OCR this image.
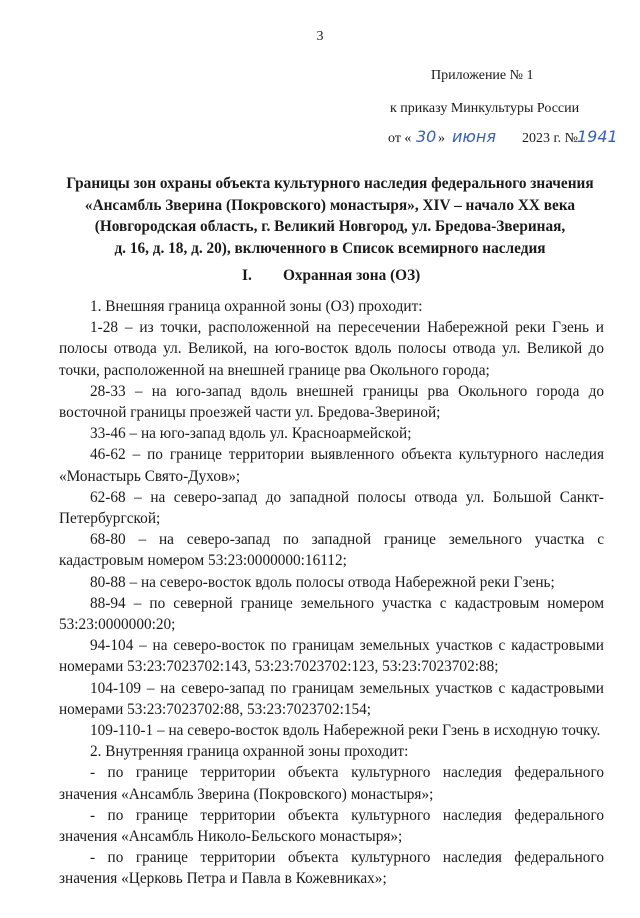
3
Приложение № 1
к приказу Минкультуры России
от « 30 » июня 2023 г. №
1941
Границы зон охраны объекта культурного наследия федерального значения
«Ансамбль Зверина (Покровского) монастыря», XIV – начало XX века
(Новгородская область, г. Великий Новгород, ул. Бредова-Звериная,
д. 16, д. 18, д. 20), включенного в Список всемирного наследия
I. Охранная зона (ОЗ)

1. Внешняя граница охранной зоны (ОЗ) проходит:

1-28 – из точки, расположенной на пересечении Набережной реки Гзень и полосы отвода ул. Великой, на юго-восток вдоль полосы отвода ул. Великой до точки, расположенной на внешней границе рва Окольного города;

28-33 – на юго-запад вдоль внешней границы рва Окольного города до восточной границы проезжей части ул. Бредова-Звериной;

33-46 – на юго-запад вдоль ул. Красноармейской;

46-62 – по границе территории выявленного объекта культурного наследия «Монастырь Свято-Духов»;

62-68 – на северо-запад до западной полосы отвода ул. Большой Санкт-Петербургской;

68-80 – на северо-запад по западной границе земельного участка с кадастровым номером 53:23:0000000:16112;

80-88 – на северо-восток вдоль полосы отвода Набережной реки Гзень;

88-94 – по северной границе земельного участка с кадастровым номером 53:23:0000000:20;

94-104 – на северо-восток по границам земельных участков с кадастровыми номерами 53:23:7023702:143, 53:23:7023702:123, 53:23:7023702:88;

104-109 – на северо-запад по границам земельных участков с кадастровыми номерами 53:23:7023702:88, 53:23:7023702:154;

109-110-1 – на северо-восток вдоль Набережной реки Гзень в исходную точку.

2. Внутренняя граница охранной зоны проходит:

- по границе территории объекта культурного наследия федерального значения «Ансамбль Зверина (Покровского) монастыря»;

- по границе территории объекта культурного наследия федерального значения «Ансамбль Николо-Бельского монастыря»;

- по границе территории объекта культурного наследия федерального значения «Церковь Петра и Павла в Кожевниках»;
